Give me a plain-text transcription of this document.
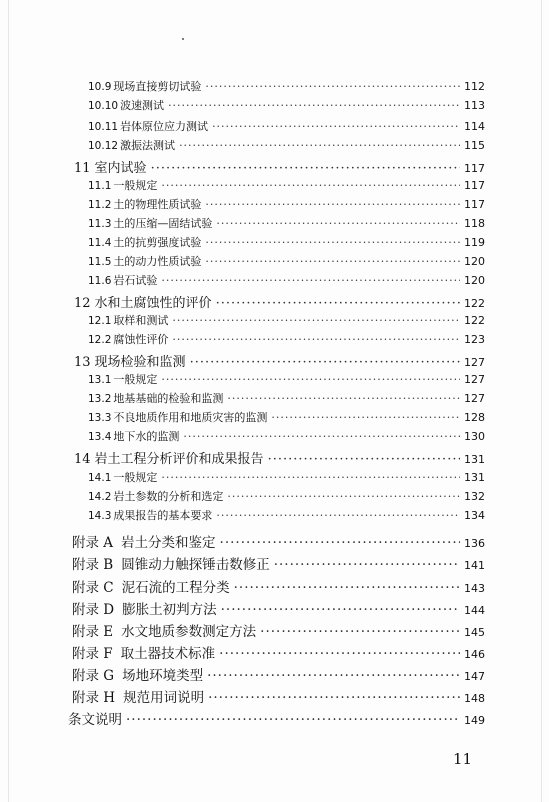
10.9 现场直接剪切试验 ·····	112
10.10 波速测试 ·····	113
10.11 岩体原位应力测试 ·····	114
10.12 激振法测试 ·····	115
11 室内试验 ·····	117
11.1 一般规定 ·····	117
11.2 土的物理性质试验 ·····	117
11.3 土的压缩—固结试验 ·····	118
11.4 土的抗剪强度试验 ·····	119
11.5 土的动力性质试验 ·····	120
11.6 岩石试验 ·····	120
12 水和土腐蚀性的评价 ·····	122
12.1 取样和测试 ·····	122
12.2 腐蚀性评价 ·····	123
13 现场检验和监测 ·····	127
13.1 一般规定 ·····	127
13.2 地基基础的检验和监测 ·····	127
13.3 不良地质作用和地质灾害的监测 ·····	128
13.4 地下水的监测 ·····	130
14 岩土工程分析评价和成果报告 ·····	131
14.1 一般规定 ·····	131
14.2 岩土参数的分析和选定 ·····	132
14.3 成果报告的基本要求 ·····	134
附录 A 岩土分类和鉴定 ·····	136
附录 B 圆锥动力触探锤击数修正 ·····	141
附录 C 泥石流的工程分类 ·····	143
附录 D 膨胀土初判方法 ·····	144
附录 E 水文地质参数测定方法 ·····	145
附录 F 取土器技术标准 ·····	146
附录 G 场地环境类型 ·····	147
附录 H 规范用词说明 ·····	148
条文说明 ·····	149
11
